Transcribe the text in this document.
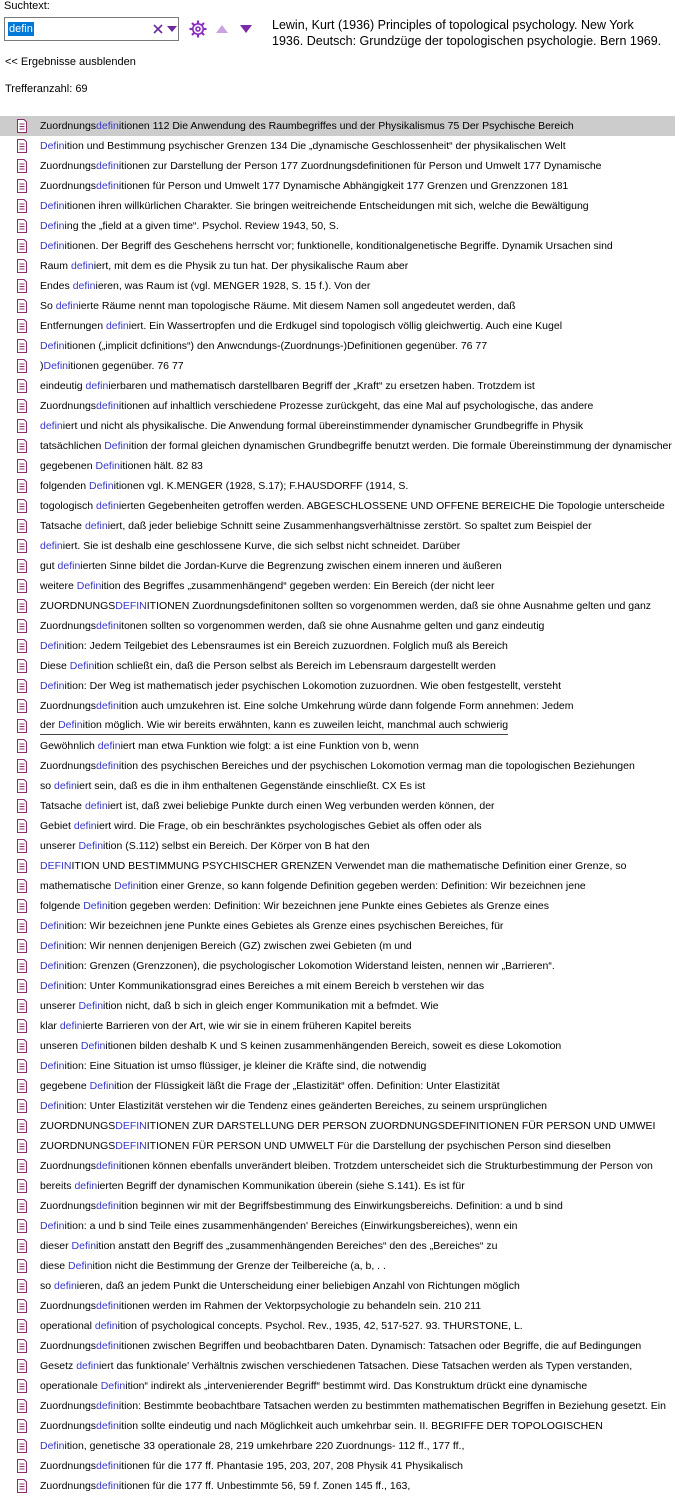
Suchtext:
defin	Lewin, Kurt (1936) Principles of topological psychology. New York 1936. Deutsch: Grundzüge der topologischen psychologie. Bern 1969.
<< Ergebnisse ausblenden
Trefferanzahl: 69
Zuordnungsdefinitionen 112 Die Anwendung des Raumbegriffes und der Physikalismus 75 Der Psychische Bereich
Definition und Bestimmung psychischer Grenzen 134 Die „dynamische Geschlossenheit“ der physikalischen Welt
Zuordnungsdefinitionen zur Darstellung der Person 177 Zuordnungsdefinitionen für Person und Umwelt 177 Dynamische
Zuordnungsdefinitionen für Person und Umwelt 177 Dynamische Abhängigkeit 177 Grenzen und Grenzzonen 181
Definitionen ihren willkürlichen Charakter. Sie bringen weitreichende Entscheidungen mit sich, welche die Bewältigung
Defining the „field at a given time“. Psychol. Review 1943, 50, S.
Definitionen. Der Begriff des Geschehens herrscht vor; funktionelle, konditionalgenetische Begriffe. Dynamik Ursachen sind
Raum definiert, mit dem es die Physik zu tun hat. Der physikalische Raum aber
Endes definieren, was Raum ist (vgl. MENGER 1928, S. 15 f.). Von der
So definierte Räume nennt man topologische Räume. Mit diesem Namen soll angedeutet werden, daß
Entfernungen definiert. Ein Wassertropfen und die Erdkugel sind topologisch völlig gleichwertig. Auch eine Kugel
Definitionen („implicit dcfinitions“) den Anwcndungs-(Zuordnungs-)Definitionen gegenüber. 76 77
)Definitionen gegenüber. 76 77
eindeutig definierbaren und mathematisch darstellbaren Begriff der „Kraft“ zu ersetzen haben. Trotzdem ist
Zuordnungsdefinitionen auf inhaltlich verschiedene Prozesse zurückgeht, das eine Mal auf psychologische, das andere
definiert und nicht als physikalische. Die Anwendung formal übereinstimmender dynamischer Grundbegriffe in Physik
tatsächlichen Definition der formal gleichen dynamischen Grundbegriffe benutzt werden. Die formale Übereinstimmung der dynamischer
gegebenen Definitionen hält. 82 83
folgenden Definitionen vgl. K.MENGER (1928, S.17); F.HAUSDORFF (1914, S.
togologisch definierten Gegebenheiten getroffen werden. ABGESCHLOSSENE UND OFFENE BEREICHE Die Topologie unterscheide
Tatsache definiert, daß jeder beliebige Schnitt seine Zusammenhangsverhältnisse zerstört. So spaltet zum Beispiel der
definiert. Sie ist deshalb eine geschlossene Kurve, die sich selbst nicht schneidet. Darüber
gut definierten Sinne bildet die Jordan-Kurve die Begrenzung zwischen einem inneren und äußeren
weitere Definition des Begriffes „zusammenhängend“ gegeben werden: Ein Bereich (der nicht leer
ZUORDNUNGSDEFINITIONEN Zuordnungsdefinitonen sollten so vorgenommen werden, daß sie ohne Ausnahme gelten und ganz
Zuordnungsdefinitonen sollten so vorgenommen werden, daß sie ohne Ausnahme gelten und ganz eindeutig
Definition: Jedem Teilgebiet des Lebensraumes ist ein Bereich zuzuordnen. Folglich muß als Bereich
Diese Definition schließt ein, daß die Person selbst als Bereich im Lebensraum dargestellt werden
Definition: Der Weg ist mathematisch jeder psychischen Lokomotion zuzuordnen. Wie oben festgestellt, versteht
Zuordnungsdefinition auch umzukehren ist. Eine solche Umkehrung würde dann folgende Form annehmen: Jedem
der Definition möglich. Wie wir bereits erwähnten, kann es zuweilen leicht, manchmal auch schwierig
Gewöhnlich definiert man etwa Funktion wie folgt: a ist eine Funktion von b, wenn
Zuordnungsdefinition des psychischen Bereiches und der psychischen Lokomotion vermag man die topologischen Beziehungen
so definiert sein, daß es die in ihm enthaltenen Gegenstände einschließt. CX Es ist
Tatsache definiert ist, daß zwei beliebige Punkte durch einen Weg verbunden werden können, der
Gebiet definiert wird. Die Frage, ob ein beschränktes psychologisches Gebiet als offen oder als
unserer Definition (S.112) selbst ein Bereich. Der Körper von B hat den
DEFINITION UND BESTIMMUNG PSYCHISCHER GRENZEN Verwendet man die mathematische Definition einer Grenze, so
mathematische Definition einer Grenze, so kann folgende Definition gegeben werden: Definition: Wir bezeichnen jene
folgende Definition gegeben werden: Definition: Wir bezeichnen jene Punkte eines Gebietes als Grenze eines
Definition: Wir bezeichnen jene Punkte eines Gebietes als Grenze eines psychischen Bereiches, für
Definition: Wir nennen denjenigen Bereich (GZ) zwischen zwei Gebieten (m und
Definition: Grenzen (Grenzzonen), die psychologischer Lokomotion Widerstand leisten, nennen wir „Barrieren“.
Definition: Unter Kommunikationsgrad eines Bereiches a mit einem Bereich b verstehen wir das
unserer Definition nicht, daß b sich in gleich enger Kommunikation mit a befmdet. Wie
klar definierte Barrieren von der Art, wie wir sie in einem früheren Kapitel bereits
unseren Definitionen bilden deshalb K und S keinen zusammenhängenden Bereich, soweit es diese Lokomotion
Definition: Eine Situation ist umso flüssiger, je kleiner die Kräfte sind, die notwendig
gegebene Definition der Flüssigkeit läßt die Frage der „Elastizität“ offen. Definition: Unter Elastizität
Definition: Unter Elastizität verstehen wir die Tendenz eines geänderten Bereiches, zu seinem ursprünglichen
ZUORDNUNGSDEFINITIONEN ZUR DARSTELLUNG DER PERSON ZUORDNUNGSDEFINITIONEN FÜR PERSON UND UMWEI
ZUORDNUNGSDEFINITIONEN FÜR PERSON UND UMWELT Für die Darstellung der psychischen Person sind dieselben
Zuordnungsdefinitionen können ebenfalls unverändert bleiben. Trotzdem unterscheidet sich die Strukturbestimmung der Person von
bereits definierten Begriff der dynamischen Kommunikation überein (siehe S.141). Es ist für
Zuordnungsdefinition beginnen wir mit der Begriffsbestimmung des Einwirkungsbereichs. Definition: a und b sind
Definition: a und b sind Teile eines zusammenhängenden' Bereiches (Einwirkungsbereiches), wenn ein
dieser Definition anstatt den Begriff des „zusammenhängenden Bereiches“ den des „Bereiches“ zu
diese Definition nicht die Bestimmung der Grenze der Teilbereiche (a, b, . .
so definieren, daß an jedem Punkt die Unterscheidung einer beliebigen Anzahl von Richtungen möglich
Zuordnungsdefinitionen werden im Rahmen der Vektorpsychologie zu behandeln sein. 210 211
operational definition of psychological concepts. Psychol. Rev., 1935, 42, 517-527. 93. THURSTONE, L.
Zuordnungsdefinitionen zwischen Begriffen und beobachtbaren Daten. Dynamisch: Tatsachen oder Begriffe, die auf Bedingungen
Gesetz definiert das funktionale' Verhältnis zwischen verschiedenen Tatsachen. Diese Tatsachen werden als Typen verstanden,
operationale Definition“ indirekt als „intervenierender Begriff“ bestimmt wird. Das Konstruktum drückt eine dynamische
Zuordnungsdefinition: Bestimmte beobachtbare Tatsachen werden zu bestimmten mathematischen Begriffen in Beziehung gesetzt. Ein
Zuordnungsdefinition sollte eindeutig und nach Möglichkeit auch umkehrbar sein. II. BEGRIFFE DER TOPOLOGISCHEN
Definition, genetische 33 operationale 28, 219 umkehrbare 220 Zuordnungs- 112 ff., 177 ff.,
Zuordnungsdefinitionen für die 177 ff. Phantasie 195, 203, 207, 208 Physik 41 Physikalisch
Zuordnungsdefinitionen für die 177 ff. Unbestimmte 56, 59 f. Zonen 145 ff., 163,
